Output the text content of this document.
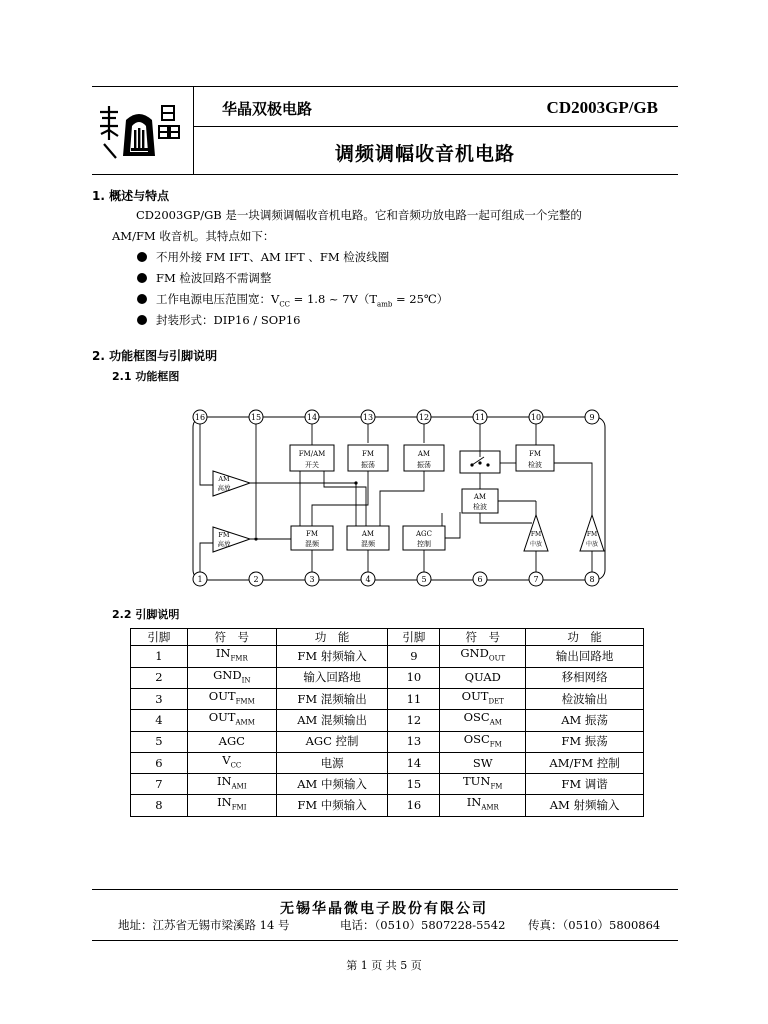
华晶双极电路	CD2003GP/GB
调频调幅收音机电路
1. 概述与特点
CD2003GP/GB 是一块调频调幅收音机电路。它和音频功放电路一起可组成一个完整的
AM/FM 收音机。其特点如下：
不用外接 FM IFT、AM IFT 、FM 检波线圈
FM 检波回路不需调整
工作电源电压范围宽：$V_{CC} = 1.8$ ~ $7V(T_{amb}$ = 25℃）
封装形式：DIP16 / SOP16
2. 功能框图与引脚说明
2.1 功能框图
16	15	14	13	12	11	10	9
1	2	3	4	5	6	7	8
FM/AM
开关
FM
振荡
AM
振荡
FM
检波
AM
检波
FM
混频
AM
混频
AGC
控制
AM
高放
FM
高放
FM
中放
FM
中放
2.2 引脚说明
引脚	符　号	功　能	引脚	符　号	功　能
1	$IN_{FMR}$	FM 射频输入	9	$GND_{OUT}$	输出回路地
2	$GND_{IN}$	输入回路地	10	QUAD	移相网络
3	$OUT_{FMM}$	FM 混频输出	11	$OUT_{DET}$	检波输出
4	$OUT_{AMM}$	AM 混频输出	12	$OSC_{AM}$	AM 振荡
5	AGC	AGC 控制	13	$OSC_{FM}$	FM 振荡
6	$V_{CC}$	电源	14	SW	AM/FM 控制
7	$IN_{AMI}$	AM 中频输入	15	$TUN_{FM}$	FM 调谐
8	$IN_{FMI}$	FM 中频输入	16	$IN_{AMR}$	AM 射频输入
无锡华晶微电子股份有限公司
地址：江苏省无锡市梁溪路 14 号	电话：（0510）5807228-5542 传真：（0510）5800864
第 1 页 共 5 页
